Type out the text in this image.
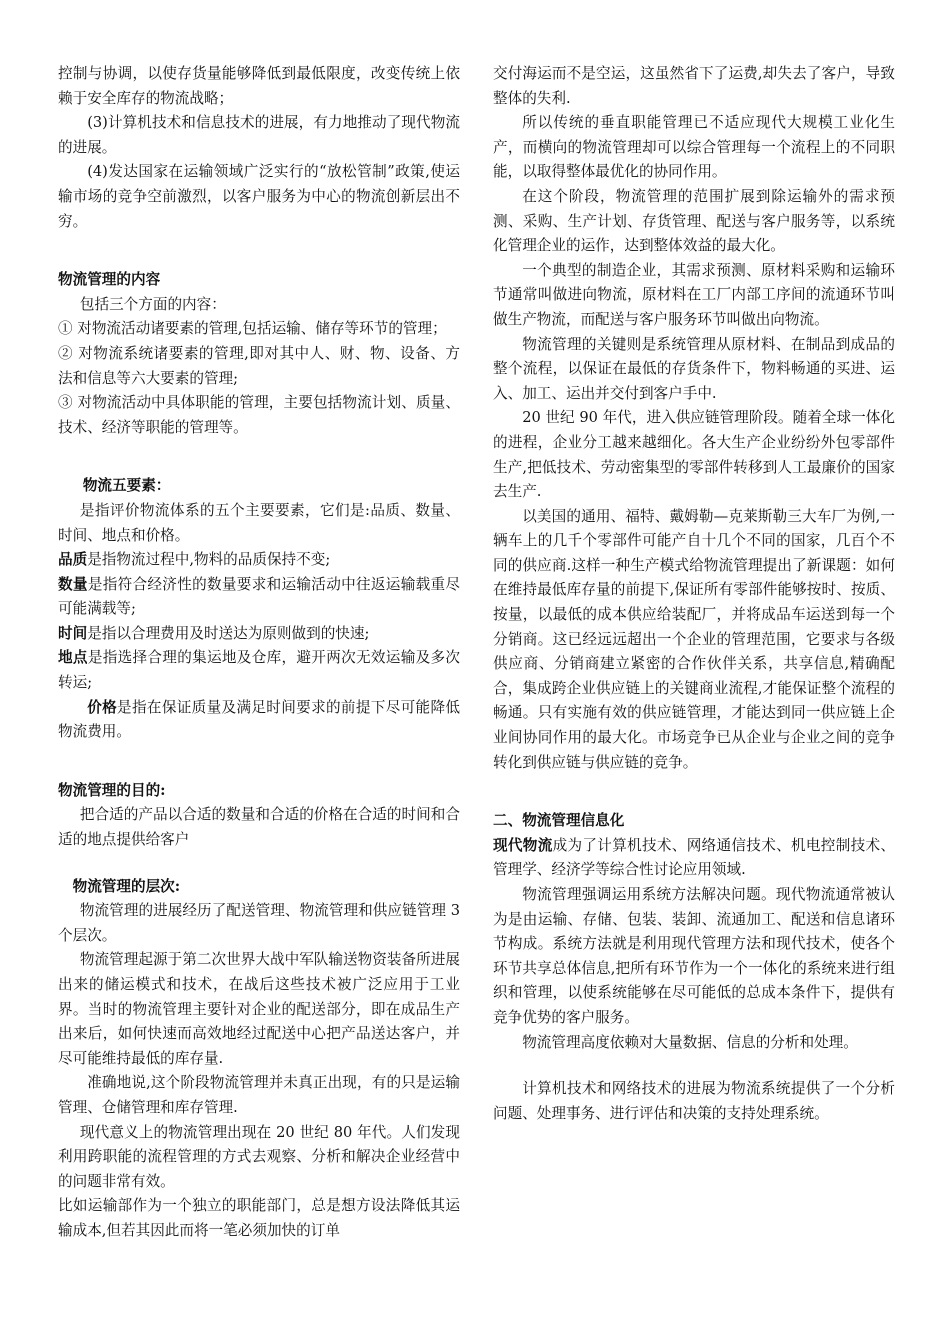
控制与协调，以使存货量能够降低到最低限度，改变传统上依赖于安全库存的物流战略；

(3)计算机技术和信息技术的进展，有力地推动了现代物流的进展。

(4)发达国家在运输领域广泛实行的“放松管制”政策,使运输市场的竞争空前激烈，以客户服务为中心的物流创新层出不穷。

物流管理的内容

包括三个方面的内容：

① 对物流活动诸要素的管理,包括运输、储存等环节的管理；

② 对物流系统诸要素的管理,即对其中人、财、物、设备、方法和信息等六大要素的管理;

③ 对物流活动中具体职能的管理，主要包括物流计划、质量、技术、经济等职能的管理等。

物流五要素：

是指评价物流体系的五个主要要素，它们是:品质、数量、时间、地点和价格。

品质是指物流过程中,物料的品质保持不变;

数量是指符合经济性的数量要求和运输活动中往返运输载重尽可能满载等;

时间是指以合理费用及时送达为原则做到的快速;

地点是指选择合理的集运地及仓库，避开两次无效运输及多次转运;

价格是指在保证质量及满足时间要求的前提下尽可能降低物流费用。

物流管理的目的:

把合适的产品以合适的数量和合适的价格在合适的时间和合适的地点提供给客户

物流管理的层次:

物流管理的进展经历了配送管理、物流管理和供应链管理 3 个层次。

物流管理起源于第二次世界大战中军队输送物资装备所进展出来的储运模式和技术，在战后这些技术被广泛应用于工业界。当时的物流管理主要针对企业的配送部分，即在成品生产出来后，如何快速而高效地经过配送中心把产品送达客户，并尽可能维持最低的库存量.

准确地说,这个阶段物流管理并未真正出现，有的只是运输管理、仓储管理和库存管理.

现代意义上的物流管理出现在 20 世纪 80 年代。人们发现利用跨职能的流程管理的方式去观察、分析和解决企业经营中的问题非常有效。

比如运输部作为一个独立的职能部门，总是想方设法降低其运输成本,但若其因此而将一笔必须加快的订单

交付海运而不是空运，这虽然省下了运费,却失去了客户，导致整体的失利.

所以传统的垂直职能管理已不适应现代大规模工业化生产，而横向的物流管理却可以综合管理每一个流程上的不同职能，以取得整体最优化的协同作用。

在这个阶段，物流管理的范围扩展到除运输外的需求预测、采购、生产计划、存货管理、配送与客户服务等，以系统化管理企业的运作，达到整体效益的最大化。

一个典型的制造企业，其需求预测、原材料采购和运输环节通常叫做进向物流，原材料在工厂内部工序间的流通环节叫做生产物流，而配送与客户服务环节叫做出向物流。

物流管理的关键则是系统管理从原材料、在制品到成品的整个流程，以保证在最低的存货条件下，物料畅通的买进、运入、加工、运出并交付到客户手中.

20 世纪 90 年代，进入供应链管理阶段。随着全球一体化的进程，企业分工越来越细化。各大生产企业纷纷外包零部件生产,把低技术、劳动密集型的零部件转移到人工最廉价的国家去生产.

以美国的通用、福特、戴姆勒—克莱斯勒三大车厂为例,一辆车上的几千个零部件可能产自十几个不同的国家，几百个不同的供应商.这样一种生产模式给物流管理提出了新课题：如何在维持最低库存量的前提下,保证所有零部件能够按时、按质、按量，以最低的成本供应给装配厂，并将成品车运送到每一个分销商。这已经远远超出一个企业的管理范围，它要求与各级供应商、分销商建立紧密的合作伙伴关系，共享信息,精确配合，集成跨企业供应链上的关键商业流程,才能保证整个流程的畅通。只有实施有效的供应链管理，才能达到同一供应链上企业间协同作用的最大化。市场竞争已从企业与企业之间的竞争转化到供应链与供应链的竞争。

二、物流管理信息化

现代物流成为了计算机技术、网络通信技术、机电控制技术、管理学、经济学等综合性讨论应用领域.

物流管理强调运用系统方法解决问题。现代物流通常被认为是由运输、存储、包装、装卸、流通加工、配送和信息诸环节构成。系统方法就是利用现代管理方法和现代技术，使各个环节共享总体信息,把所有环节作为一个一体化的系统来进行组织和管理，以使系统能够在尽可能低的总成本条件下，提供有竞争优势的客户服务。

物流管理高度依赖对大量数据、信息的分析和处理。

计算机技术和网络技术的进展为物流系统提供了一个分析问题、处理事务、进行评估和决策的支持处理系统。
